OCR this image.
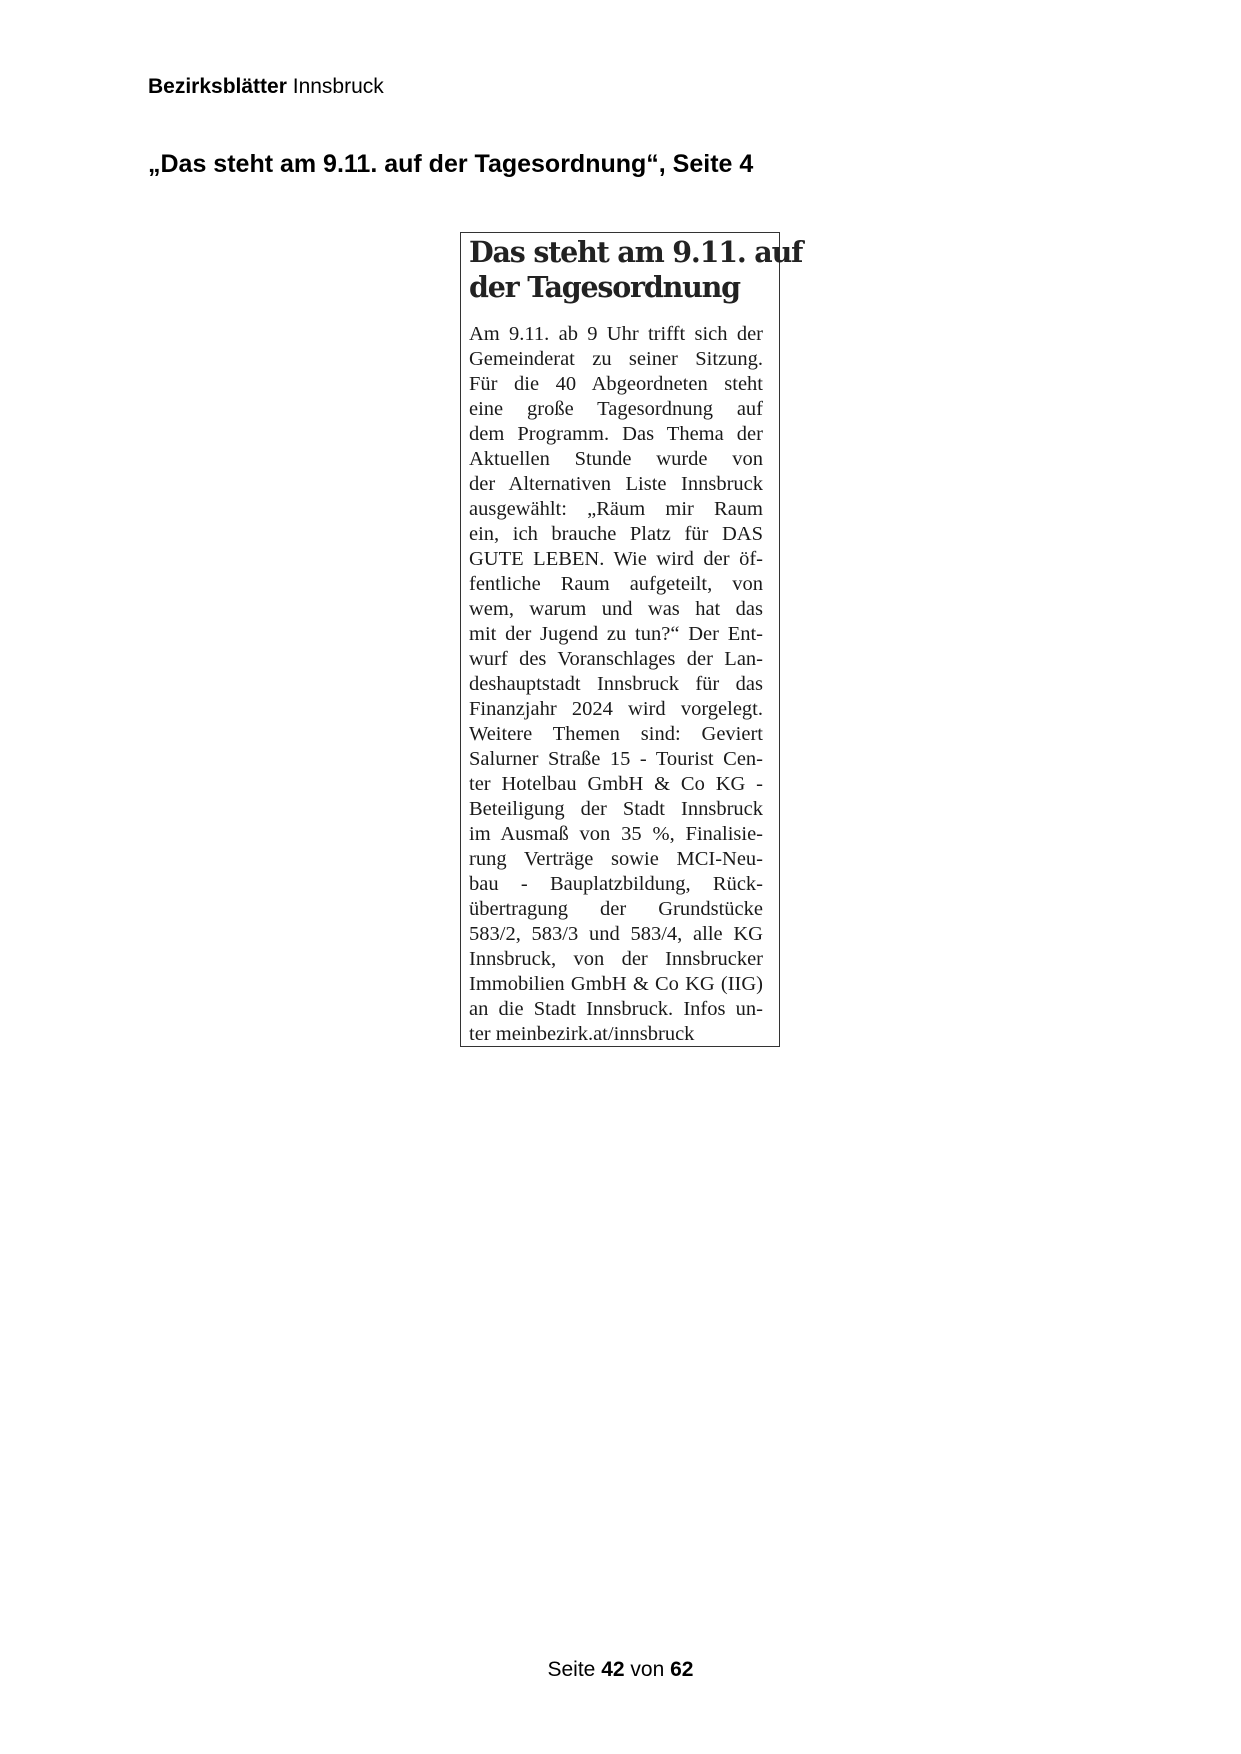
Bezirksblätter Innsbruck
„Das steht am 9.11. auf der Tagesordnung“, Seite 4
Das steht am 9.11. auf
der Tagesordnung
Am 9.11. ab 9 Uhr trifft sich der
Gemeinderat zu seiner Sitzung.
Für die 40 Abgeordneten steht
eine große Tagesordnung auf
dem Programm. Das Thema der
Aktuellen Stunde wurde von
der Alternativen Liste Innsbruck
ausgewählt: „Räum mir Raum
ein, ich brauche Platz für DAS
GUTE LEBEN. Wie wird der öf-
fentliche Raum aufgeteilt, von
wem, warum und was hat das
mit der Jugend zu tun?“ Der Ent-
wurf des Voranschlages der Lan-
deshauptstadt Innsbruck für das
Finanzjahr 2024 wird vorgelegt.
Weitere Themen sind: Geviert
Salurner Straße 15 - Tourist Cen-
ter Hotelbau GmbH & Co KG -
Beteiligung der Stadt Innsbruck
im Ausmaß von 35 %, Finalisie-
rung Verträge sowie MCI-Neu-
bau - Bauplatzbildung, Rück-
übertragung der Grundstücke
583/2, 583/3 und 583/4, alle KG
Innsbruck, von der Innsbrucker
Immobilien GmbH & Co KG (IIG)
an die Stadt Innsbruck. Infos un-
ter meinbezirk.at/innsbruck
Seite 42 von 62
